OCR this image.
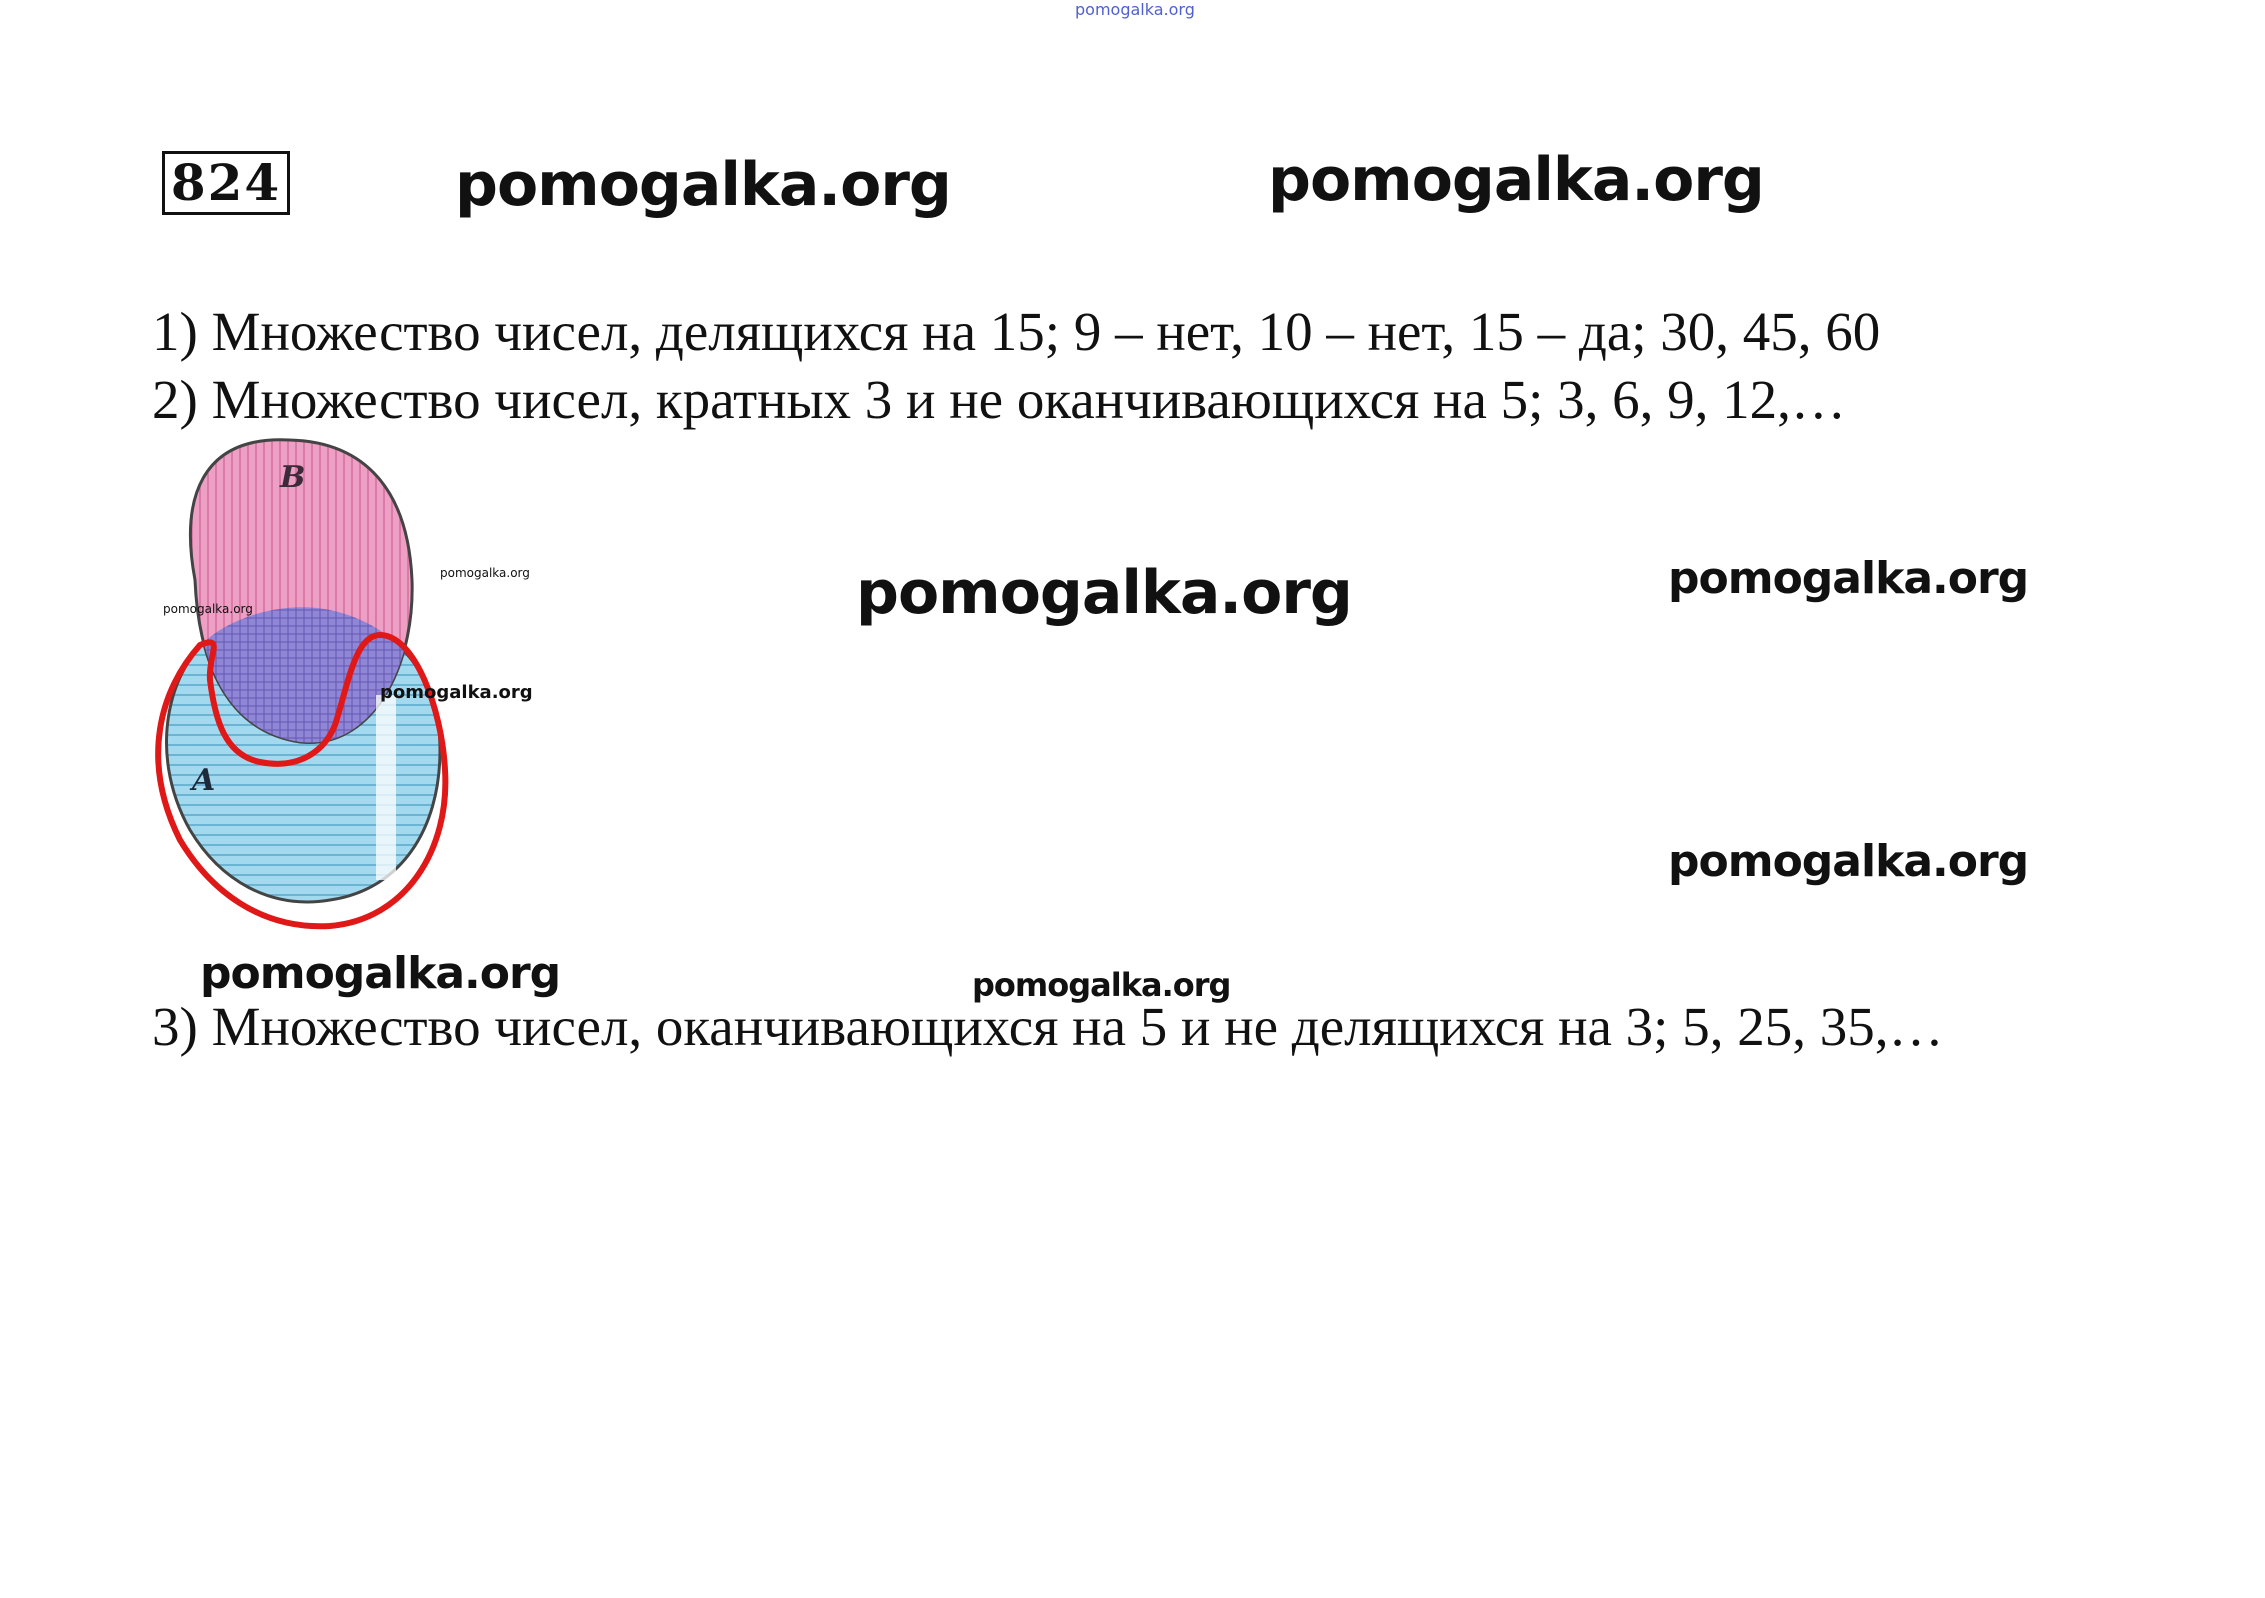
pomogalka.org
824	pomogalka.org	pomogalka.org
1) Множество чисел, делящихся на 15; 9 – нет, 10 – нет, 15 – да; 30, 45, 60
2) Множество чисел, кратных 3 и не оканчивающихся на 5; 3, 6, 9, 12,…
B
A
pomogalka.org
pomogalka.org
pomogalka.org
pomogalka.org	pomogalka.org
pomogalka.org
pomogalka.org	pomogalka.org
3) Множество чисел, оканчивающихся на 5 и не делящихся на 3; 5, 25, 35,…
